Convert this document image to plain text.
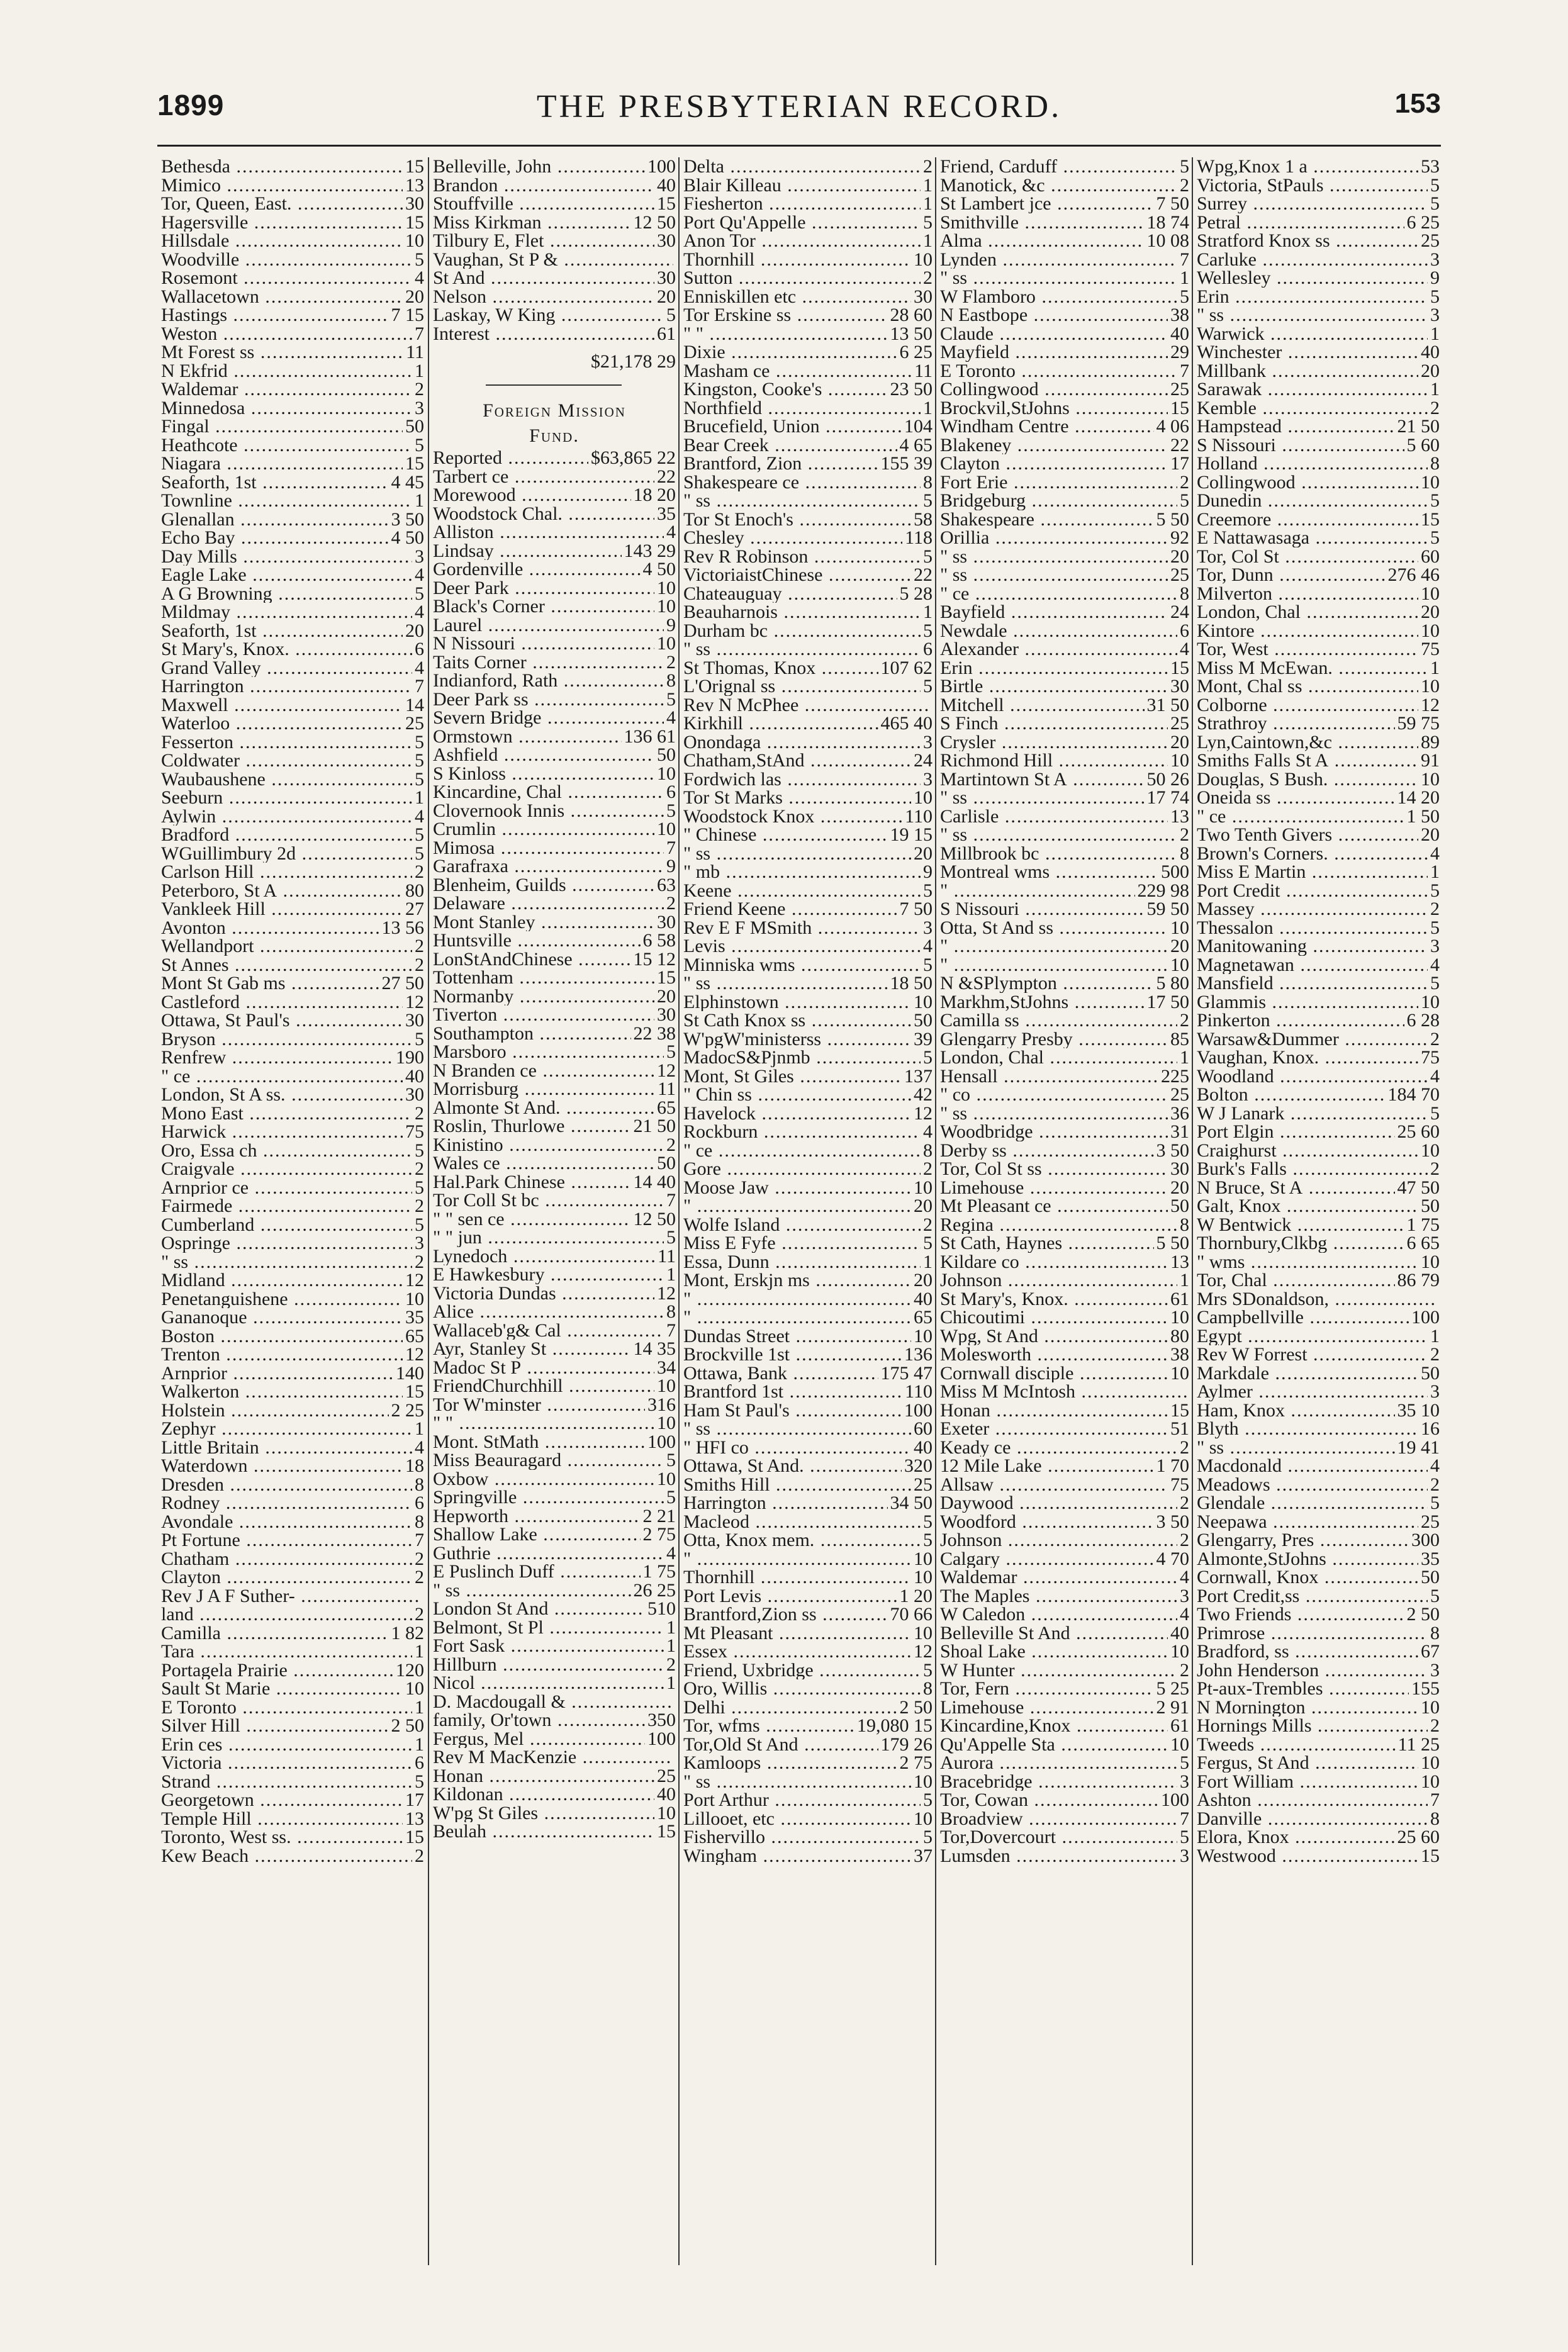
1899	THE PRESBYTERIAN RECORD.	153
Bethesda .....	15
Mimico .....	13
Tor, Queen, East. .....	30
Hagersville .....	15
Hillsdale .....	10
Woodville .....	5
Rosemont .....	4
Wallacetown .....	20
Hastings .....	7 15
Weston .....	7
Mt Forest ss .....	11
N Ekfrid .....	1
Waldemar .....	2
Minnedosa .....	3
Fingal .....	50
Heathcote .....	5
Niagara .....	15
Seaforth, 1st .....	4 45
Townline .....	1
Glenallan .....	3 50
Echo Bay .....	4 50
Day Mills .....	3
Eagle Lake .....	4
A G Browning .....	5
Mildmay .....	4
Seaforth, 1st .....	20
St Mary's, Knox. .....	6
Grand Valley .....	4
Harrington .....	7
Maxwell .....	14
Waterloo .....	25
Fesserton .....	5
Coldwater .....	5
Waubaushene .....	5
Seeburn .....	1
Aylwin .....	4
Bradford .....	5
WGuillimbury 2d .....	5
Carlson Hill .....	2
Peterboro, St A .....	80
Vankleek Hill .....	27
Avonton .....	13 56
Wellandport .....	2
St Annes .....	2
Mont St Gab ms .....	27 50
Castleford .....	12
Ottawa, St Paul's .....	30
Bryson .....	5
Renfrew .....	190
" ce .....	40
London, St A ss. .....	30
Mono East .....	2
Harwick .....	75
Oro, Essa ch .....	5
Craigvale .....	2
Arnprior ce .....	5
Fairmede .....	2
Cumberland .....	5
Ospringe .....	3
" ss .....	2
Midland .....	12
Penetanguishene .....	10
Gananoque .....	35
Boston .....	65
Trenton .....	12
Arnprior .....	140
Walkerton .....	15
Holstein .....	2 25
Zephyr .....	1
Little Britain .....	4
Waterdown .....	18
Dresden .....	8
Rodney .....	6
Avondale .....	8
Pt Fortune .....	7
Chatham .....	2
Clayton .....	2
Rev J A F Suther- .....
land .....	2
Camilla .....	1 82
Tara .....	1
Portagela Prairie .....	120
Sault St Marie .....	10
E Toronto .....	1
Silver Hill .....	2 50
Erin ces .....	1
Victoria .....	6
Strand .....	5
Georgetown .....	17
Temple Hill .....	13
Toronto, West ss. .....	15
Kew Beach .....	2
Belleville, John .....	100
Brandon .....	40
Stouffville .....	15
Miss Kirkman .....	12 50
Tilbury E, Flet .....	30
Vaughan, St P & .....
St And .....	30
Nelson .....	20
Laskay, W King .....	5
Interest .....	61
$21,178 29
Foreign Mission
Fund.
Reported .....	$63,865 22
Tarbert ce .....	22
Morewood .....	18 20
Woodstock Chal. .....	35
Alliston .....	4
Lindsay .....	143 29
Gordenville .....	4 50
Deer Park .....	10
Black's Corner .....	10
Laurel .....	9
N Nissouri .....	10
Taits Corner .....	2
Indianford, Rath .....	8
Deer Park ss .....	5
Severn Bridge .....	4
Ormstown .....	136 61
Ashfield .....	50
S Kinloss .....	10
Kincardine, Chal .....	6
Clovernook Innis .....	5
Crumlin .....	10
Mimosa .....	7
Garafraxa .....	9
Blenheim, Guilds .....	63
Delaware .....	2
Mont Stanley .....	30
Huntsville .....	6 58
LonStAndChinese .....	15 12
Tottenham .....	15
Normanby .....	20
Tiverton .....	30
Southampton .....	22 38
Marsboro .....	5
N Branden ce .....	12
Morrisburg .....	11
Almonte St And. .....	65
Roslin, Thurlowe .....	21 50
Kinistino .....	2
Wales ce .....	50
Hal.Park Chinese .....	14 40
Tor Coll St bc .....	7
" " sen ce .....	12 50
" " jun .....	5
Lynedoch .....	11
E Hawkesbury .....	1
Victoria Dundas .....	12
Alice .....	8
Wallaceb'g& Cal .....	7
Ayr, Stanley St .....	14 35
Madoc St P .....	34
FriendChurchhill .....	10
Tor W'minster .....	316
" " .....	10
Mont. StMath .....	100
Miss Beauragard .....	5
Oxbow .....	10
Springville .....	5
Hepworth .....	2 21
Shallow Lake .....	2 75
Guthrie .....	4
E Puslinch Duff .....	1 75
" ss .....	26 25
London St And .....	510
Belmont, St Pl .....	1
Fort Sask .....	1
Hillburn .....	2
Nicol .....	1
D. Macdougall & .....
family, Or'town .....	350
Fergus, Mel .....	100
Rev M MacKenzie .....
Honan .....	25
Kildonan .....	40
W'pg St Giles .....	10
Beulah .....	15
Delta .....	2
Blair Killeau .....	1
Fiesherton .....	1
Port Qu'Appelle .....	5
Anon Tor .....	1
Thornhill .....	10
Sutton .....	2
Enniskillen etc .....	30
Tor Erskine ss .....	28 60
" " .....	13 50
Dixie .....	6 25
Masham ce .....	11
Kingston, Cooke's .....	23 50
Northfield .....	1
Brucefield, Union .....	104
Bear Creek .....	4 65
Brantford, Zion .....	155 39
Shakespeare ce .....	8
" ss .....	5
Tor St Enoch's .....	58
Chesley .....	118
Rev R Robinson .....	5
VictoriaistChinese .....	22
Chateauguay .....	5 28
Beauharnois .....	1
Durham bc .....	5
" ss .....	6
St Thomas, Knox .....	107 62
L'Orignal ss .....	5
Rev N McPhee .....
Kirkhill .....	465 40
Onondaga .....	3
Chatham,StAnd .....	24
Fordwich las .....	3
Tor St Marks .....	10
Woodstock Knox .....	110
" Chinese .....	19 15
" ss .....	20
" mb .....	9
Keene .....	5
Friend Keene .....	7 50
Rev E F MSmith .....	3
Levis .....	4
Minniska wms .....	5
" ss .....	18 50
Elphinstown .....	10
St Cath Knox ss .....	50
W'pgW'ministerss .....	39
MadocS&Pjnmb .....	5
Mont, St Giles .....	137
" Chin ss .....	42
Havelock .....	12
Rockburn .....	4
" ce .....	8
Gore .....	2
Moose Jaw .....	10
" .....	20
Wolfe Island .....	2
Miss E Fyfe .....	5
Essa, Dunn .....	1
Mont, Erskjn ms .....	20
" .....	40
" .....	65
Dundas Street .....	10
Brockville 1st .....	136
Ottawa, Bank .....	175 47
Brantford 1st .....	110
Ham St Paul's .....	100
" ss .....	60
" HFI co .....	40
Ottawa, St And. .....	320
Smiths Hill .....	25
Harrington .....	34 50
Macleod .....	5
Otta, Knox mem. .....	5
" .....	10
Thornhill .....	10
Port Levis .....	1 20
Brantford,Zion ss .....	70 66
Mt Pleasant .....	10
Essex .....	12
Friend, Uxbridge .....	5
Oro, Willis .....	8
Delhi .....	2 50
Tor, wfms .....	19,080 15
Tor,Old St And .....	179 26
Kamloops .....	2 75
" ss .....	10
Port Arthur .....	5
Lillooet, etc .....	10
Fishervillo .....	5
Wingham .....	37
Friend, Carduff .....	5
Manotick, &c .....	2
St Lambert jce .....	7 50
Smithville .....	18 74
Alma .....	10 08
Lynden .....	7
" ss .....	1
W Flamboro .....	5
N Eastbope .....	38
Claude .....	40
Mayfield .....	29
E Toronto .....	7
Collingwood .....	25
Brockvil,StJohns .....	15
Windham Centre .....	4 06
Blakeney .....	22
Clayton .....	17
Fort Erie .....	2
Bridgeburg .....	5
Shakespeare .....	5 50
Orillia .....	92
" ss .....	20
" ss .....	25
" ce .....	8
Bayfield .....	24
Newdale .....	6
Alexander .....	4
Erin .....	15
Birtle .....	30
Mitchell .....	31 50
S Finch .....	25
Crysler .....	20
Richmond Hill .....	10
Martintown St A .....	50 26
" ss .....	17 74
Carlisle .....	13
" ss .....	2
Millbrook bc .....	8
Montreal wms .....	500
" .....	229 98
S Nissouri .....	59 50
Otta, St And ss .....	10
" .....	20
" .....	10
N &SPlympton .....	5 80
Markhm,StJohns .....	17 50
Camilla ss .....	2
Glengarry Presby .....	85
London, Chal .....	1
Hensall .....	225
" co .....	25
" ss .....	36
Woodbridge .....	31
Derby ss .....	3 50
Tor, Col St ss .....	30
Limehouse .....	20
Mt Pleasant ce .....	50
Regina .....	8
St Cath, Haynes .....	5 50
Kildare co .....	13
Johnson .....	1
St Mary's, Knox. .....	61
Chicoutimi .....	10
Wpg, St And .....	80
Molesworth .....	38
Cornwall disciple .....	10
Miss M McIntosh .....
Honan .....	15
Exeter .....	51
Keady ce .....	2
12 Mile Lake .....	1 70
Allsaw .....	75
Daywood .....	2
Woodford .....	3 50
Johnson .....	2
Calgary .....	4 70
Waldemar .....	4
The Maples .....	3
W Caledon .....	4
Belleville St And .....	40
Shoal Lake .....	10
W Hunter .....	2
Tor, Fern .....	5 25
Limehouse .....	2 91
Kincardine,Knox .....	61
Qu'Appelle Sta .....	10
Aurora .....	5
Bracebridge .....	3
Tor, Cowan .....	100
Broadview .....	7
Tor,Dovercourt .....	5
Lumsden .....	3
Wpg,Knox 1 a .....	53
Victoria, StPauls .....	5
Surrey .....	5
Petral .....	6 25
Stratford Knox ss .....	25
Carluke .....	3
Wellesley .....	9
Erin .....	5
" ss .....	3
Warwick .....	1
Winchester .....	40
Millbank .....	20
Sarawak .....	1
Kemble .....	2
Hampstead .....	21 50
S Nissouri .....	5 60
Holland .....	8
Collingwood .....	10
Dunedin .....	5
Creemore .....	15
E Nattawasaga .....	5
Tor, Col St .....	60
Tor, Dunn .....	276 46
Milverton .....	10
London, Chal .....	20
Kintore .....	10
Tor, West .....	75
Miss M McEwan. .....	1
Mont, Chal ss .....	10
Colborne .....	12
Strathroy .....	59 75
Lyn,Caintown,&c .....	89
Smiths Falls St A .....	91
Douglas, S Bush. .....	10
Oneida ss .....	14 20
" ce .....	1 50
Two Tenth Givers .....	20
Brown's Corners. .....	4
Miss E Martin .....	1
Port Credit .....	5
Massey .....	2
Thessalon .....	5
Manitowaning .....	3
Magnetawan .....	4
Mansfield .....	5
Glammis .....	10
Pinkerton .....	6 28
Warsaw&Dummer .....	2
Vaughan, Knox. .....	75
Woodland .....	4
Bolton .....	184 70
W J Lanark .....	5
Port Elgin .....	25 60
Craighurst .....	10
Burk's Falls .....	2
N Bruce, St A .....	47 50
Galt, Knox .....	50
W Bentwick .....	1 75
Thornbury,Clkbg .....	6 65
" wms .....	10
Tor, Chal .....	86 79
Mrs SDonaldson, .....
Campbellville .....	100
Egypt .....	1
Rev W Forrest .....	2
Markdale .....	50
Aylmer .....	3
Ham, Knox .....	35 10
Blyth .....	16
" ss .....	19 41
Macdonald .....	4
Meadows .....	2
Glendale .....	5
Neepawa .....	25
Glengarry, Pres .....	300
Almonte,StJohns .....	35
Cornwall, Knox .....	50
Port Credit,ss .....	5
Two Friends .....	2 50
Primrose .....	8
Bradford, ss .....	67
John Henderson .....	3
Pt-aux-Trembles .....	155
N Mornington .....	10
Hornings Mills .....	2
Tweeds .....	11 25
Fergus, St And .....	10
Fort William .....	10
Ashton .....	7
Danville .....	8
Elora, Knox .....	25 60
Westwood .....	15
